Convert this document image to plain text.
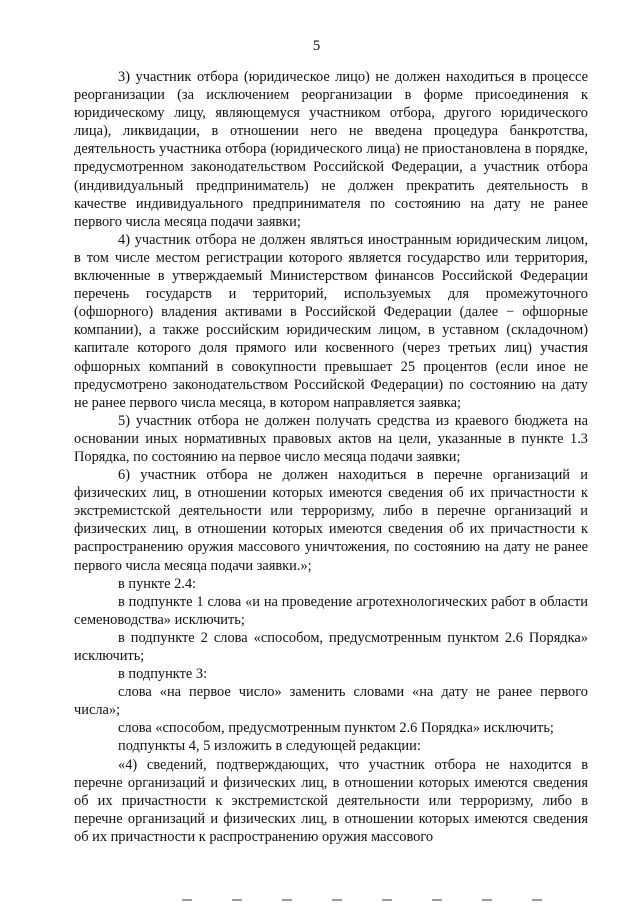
5

3) участник отбора (юридическое лицо) не должен находиться в процессе реорганизации (за исключением реорганизации в форме присоединения к юридическому лицу, являющемуся участником отбора, другого юридического лица), ликвидации, в отношении него не введена процедура банкротства, деятельность участника отбора (юридического лица) не приостановлена в порядке, предусмотренном законодательством Российской Федерации, а участник отбора (индивидуальный предприниматель) не должен прекратить деятельность в качестве индивидуального предпринимателя по состоянию на дату не ранее первого числа месяца подачи заявки;

4) участник отбора не должен являться иностранным юридическим лицом, в том числе местом регистрации которого является государство или территория, включенные в утверждаемый Министерством финансов Российской Федерации перечень государств и территорий, используемых для промежуточного (офшорного) владения активами в Российской Федерации (далее − офшорные компании), а также российским юридическим лицом, в уставном (складочном) капитале которого доля прямого или косвенного (через третьих лиц) участия офшорных компаний в совокупности превышает 25 процентов (если иное не предусмотрено законодательством Российской Федерации) по состоянию на дату не ранее первого числа месяца, в котором направляется заявка;

5) участник отбора не должен получать средства из краевого бюджета на основании иных нормативных правовых актов на цели, указанные в пункте 1.3 Порядка, по состоянию на первое число месяца подачи заявки;

6) участник отбора не должен находиться в перечне организаций и физических лиц, в отношении которых имеются сведения об их причастности к экстремистской деятельности или терроризму, либо в перечне организаций и физических лиц, в отношении которых имеются сведения об их причастности к распространению оружия массового уничтожения, по состоянию на дату не ранее первого числа месяца подачи заявки.»;

в пункте 2.4:

в подпункте 1 слова «и на проведение агротехнологических работ в области семеноводства» исключить;

в подпункте 2 слова «способом, предусмотренным пунктом 2.6 Порядка» исключить;

в подпункте 3:

слова «на первое число» заменить словами «на дату не ранее первого числа»;

слова «способом, предусмотренным пунктом 2.6 Порядка» исключить;

подпункты 4, 5 изложить в следующей редакции:

«4) сведений, подтверждающих, что участник отбора не находится в перечне организаций и физических лиц, в отношении которых имеются сведения об их причастности к экстремистской деятельности или терроризму, либо в перечне организаций и физических лиц, в отношении которых имеются сведения об их причастности к распространению оружия массового
